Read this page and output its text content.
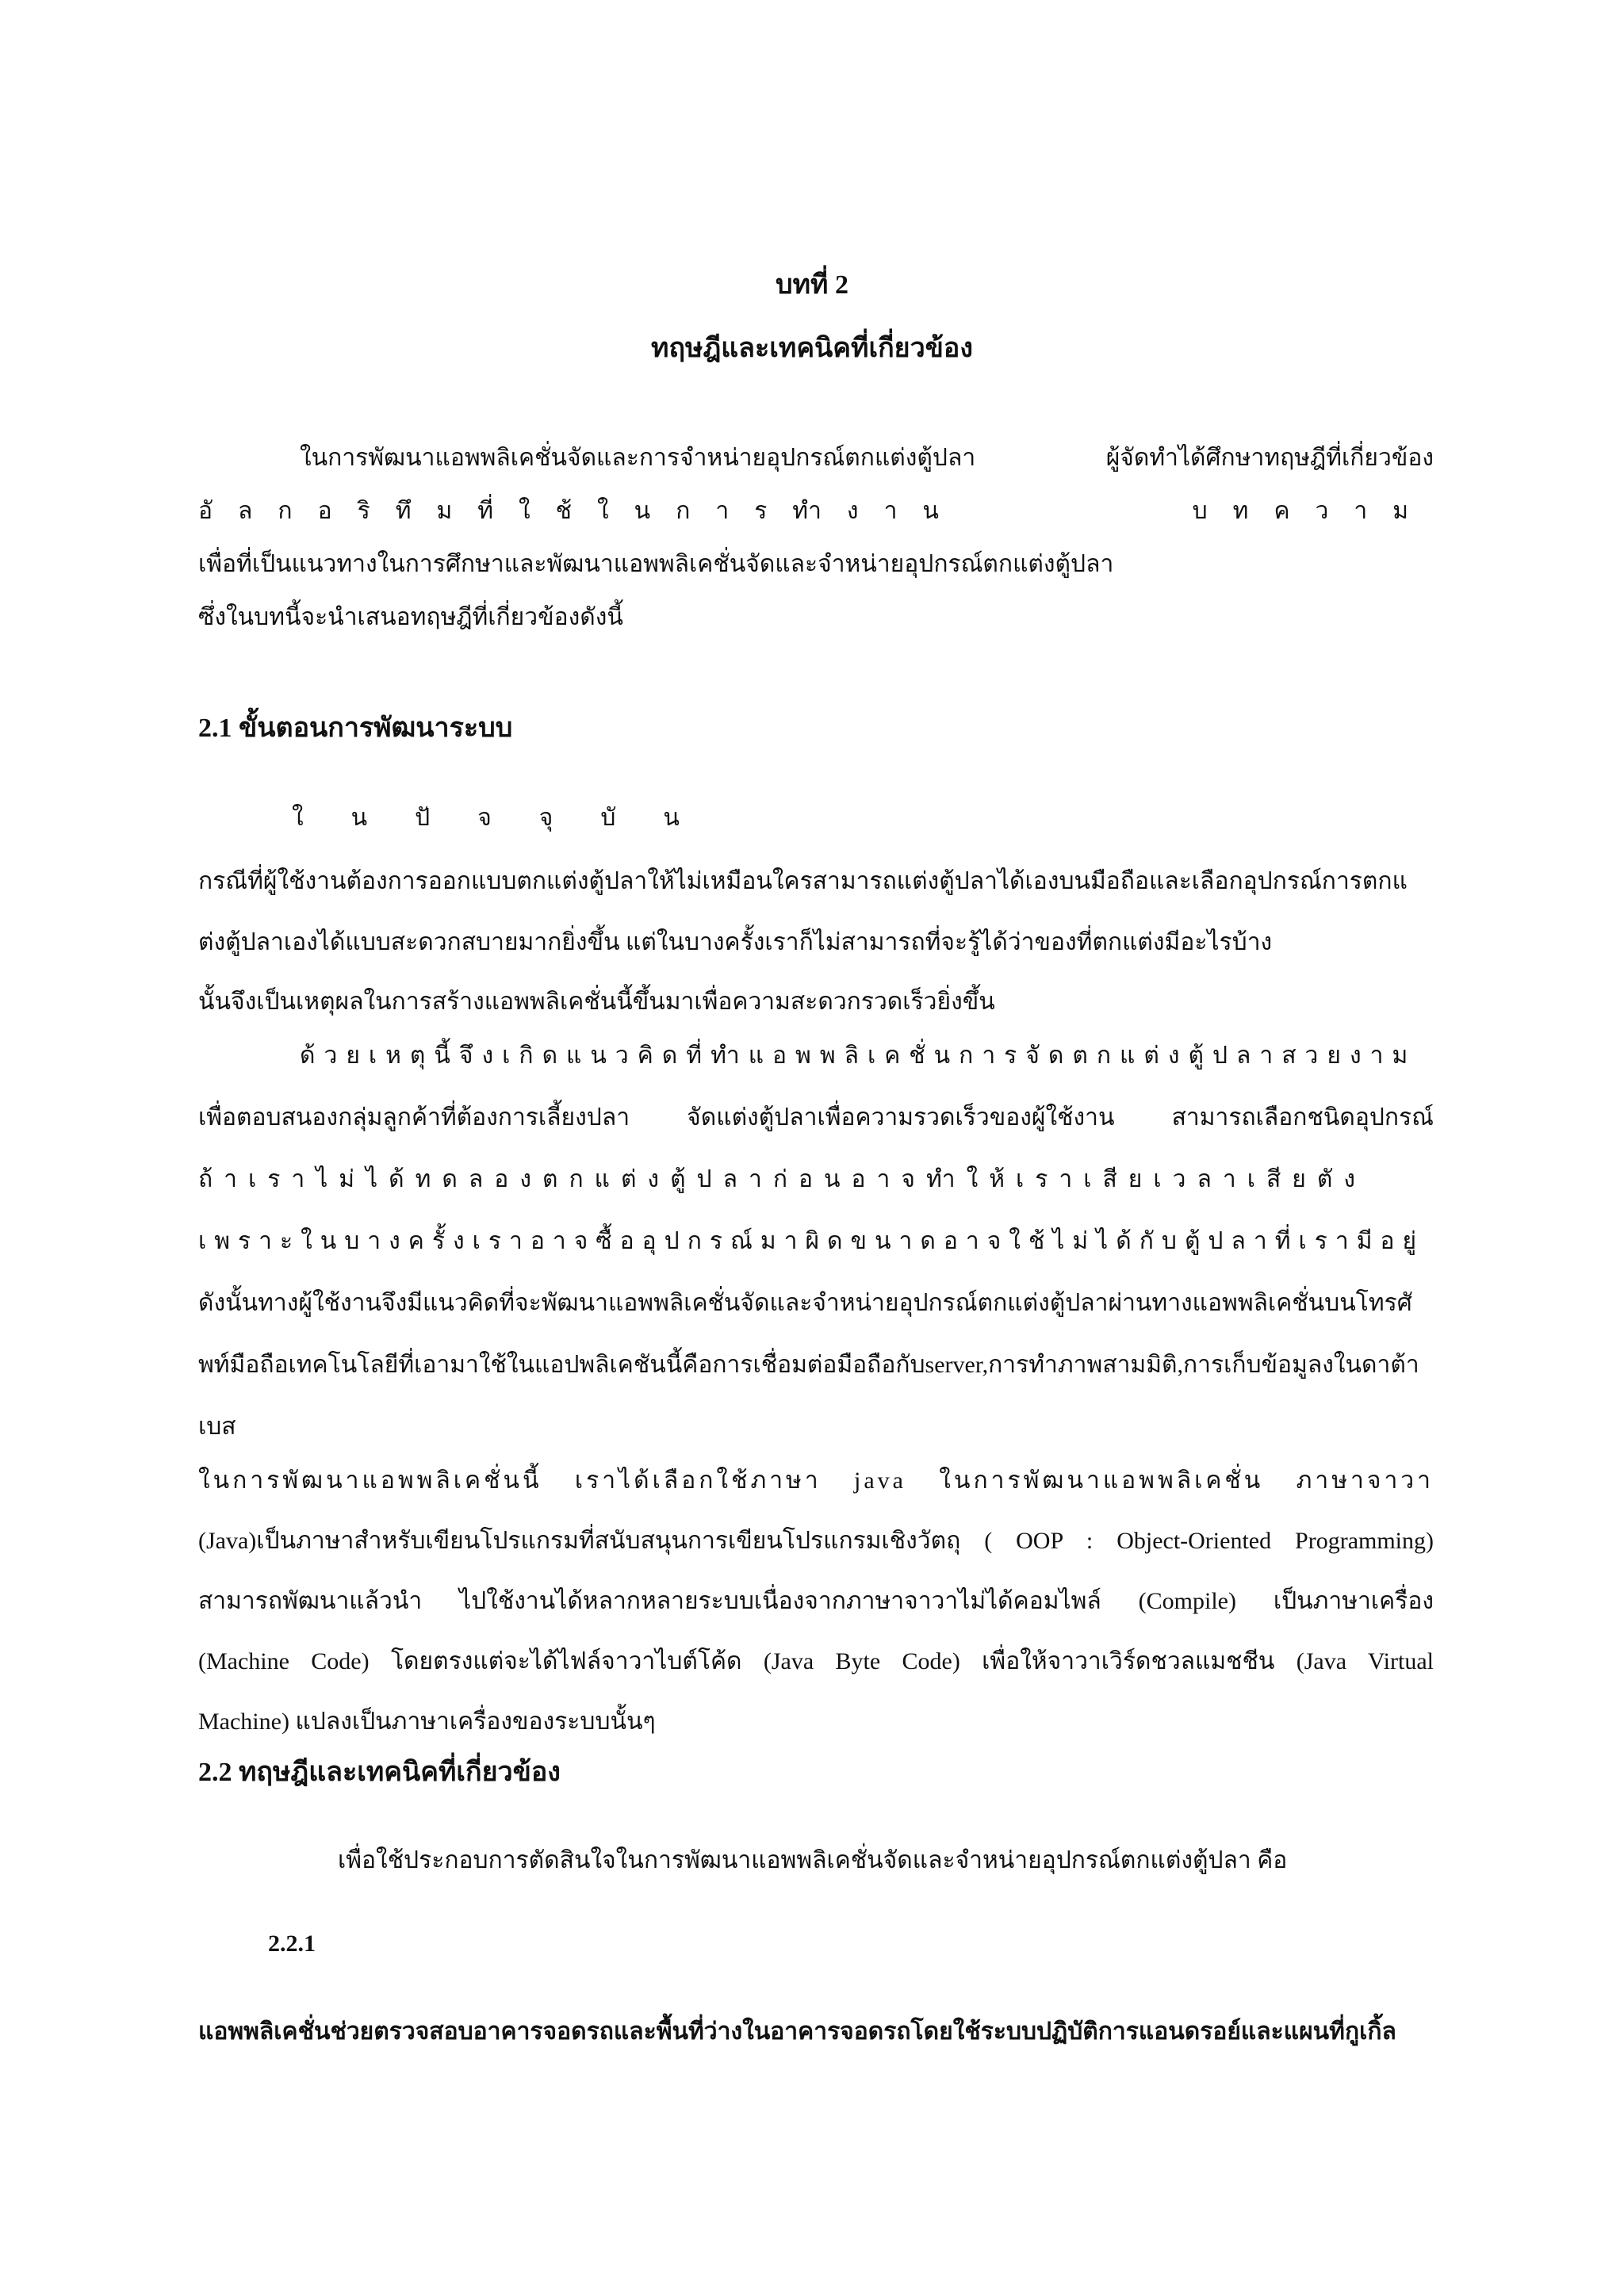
บทที่ 2
ทฤษฎีและเทคนิคที่เกี่ยวข้อง
ในการพัฒนาแอพพลิเคชั่นจัดและการจำหน่ายอุปกรณ์ตกแต่งตู้ปลา ผู้จัดทำได้ศึกษาทฤษฎีที่เกี่ยวข้อง
อัลกอริทึมที่ใช้ในการทำงาน บทความ
เพื่อที่เป็นแนวทางในการศึกษาและพัฒนาแอพพลิเคชั่นจัดและจำหน่ายอุปกรณ์ตกแต่งตู้ปลา
ซึ่งในบทนี้จะนำเสนอทฤษฎีที่เกี่ยวข้องดังนี้
2.1 ขั้นตอนการพัฒนาระบบ
ในปัจจุบัน
กรณีที่ผู้ใช้งานต้องการออกแบบตกแต่งตู้ปลาให้ไม่เหมือนใครสามารถแต่งตู้ปลาได้เองบนมือถือและเลือกอุปกรณ์การตกแ
ต่งตู้ปลาเองได้แบบสะดวกสบายมากยิ่งขึ้น แต่ในบางครั้งเราก็ไม่สามารถที่จะรู้ได้ว่าของที่ตกแต่งมีอะไรบ้าง
นั้นจึงเป็นเหตุผลในการสร้างแอพพลิเคชั่นนี้ขึ้นมาเพื่อความสะดวกรวดเร็วยิ่งขึ้น
ด้วยเหตุนี้จึงเกิดแนวคิดที่ทำแอพพลิเคชั่นการจัดตกแต่งตู้ปลาสวยงาม
เพื่อตอบสนองกลุ่มลูกค้าที่ต้องการเลี้ยงปลา จัดแต่งตู้ปลาเพื่อความรวดเร็วของผู้ใช้งาน สามารถเลือกชนิดอุปกรณ์
ถ้าเราไม่ได้ทดลองตกแต่งตู้ปลาก่อนอาจทำให้เราเสียเวลาเสียตัง
เพราะในบางครั้งเราอาจซื้ออุปกรณ์มาผิดขนาดอาจใช้ไม่ได้กับตู้ปลาที่เรามีอยู่
ดังนั้นทางผู้ใช้งานจึงมีแนวคิดที่จะพัฒนาแอพพลิเคชั่นจัดและจำหน่ายอุปกรณ์ตกแต่งตู้ปลาผ่านทางแอพพลิเคชั่นบนโทรศั
พท์มือถือเทคโนโลยีที่เอามาใช้ในแอปพลิเคชันนี้คือการเชื่อมต่อมือถือกับserver,การทำภาพสามมิติ,การเก็บข้อมูลงในดาต้า
เบส
ในการพัฒนาแอพพลิเคชั่นนี้ เราได้เลือกใช้ภาษา java ในการพัฒนาแอพพลิเคชั่น ภาษาจาวา
(Java)เป็นภาษาสำหรับเขียนโปรแกรมที่สนับสนุนการเขียนโปรแกรมเชิงวัตถุ ( OOP : Object-Oriented Programming)
สามารถพัฒนาแล้วนำ ไปใช้งานได้หลากหลายระบบเนื่องจากภาษาจาวาไม่ได้คอมไพล์ (Compile) เป็นภาษาเครื่อง
(Machine Code) โดยตรงแต่จะได้ไฟล์จาวาไบต์โค้ด (Java Byte Code) เพื่อให้จาวาเวิร์ดชวลแมชชีน (Java Virtual
Machine) แปลงเป็นภาษาเครื่องของระบบนั้นๆ
2.2 ทฤษฎีและเทคนิคที่เกี่ยวข้อง
เพื่อใช้ประกอบการตัดสินใจในการพัฒนาแอพพลิเคชั่นจัดและจำหน่ายอุปกรณ์ตกแต่งตู้ปลา คือ
2.2.1
แอพพลิเคชั่นช่วยตรวจสอบอาคารจอดรถและพื้นที่ว่างในอาคารจอดรถโดยใช้ระบบปฏิบัติการแอนดรอย์และแผนที่กูเกิ้ล
